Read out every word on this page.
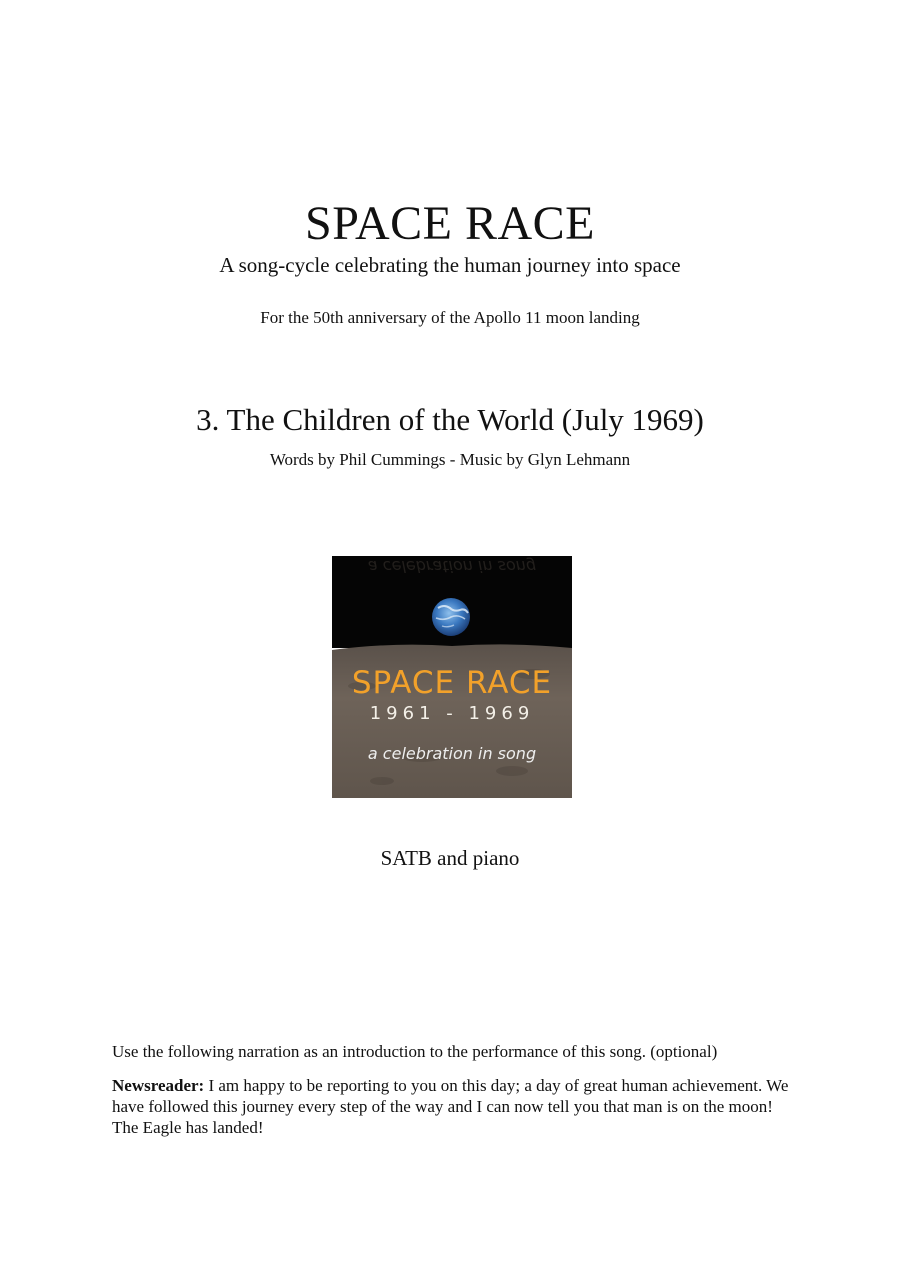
SPACE RACE
A song-cycle celebrating the human journey into space
For the 50th anniversary of the Apollo 11 moon landing
3. The Children of the World (July 1969)
Words by Phil Cummings - Music by Glyn Lehmann
SPACE RACE
1961 - 1969
a celebration in song
a celebration in song
SATB and piano
Use the following narration as an introduction to the performance of this song. (optional)
Newsreader: I am happy to be reporting to you on this day; a day of great human achievement. We have followed this journey every step of the way and I can now tell you that man is on the moon! The Eagle has landed!
